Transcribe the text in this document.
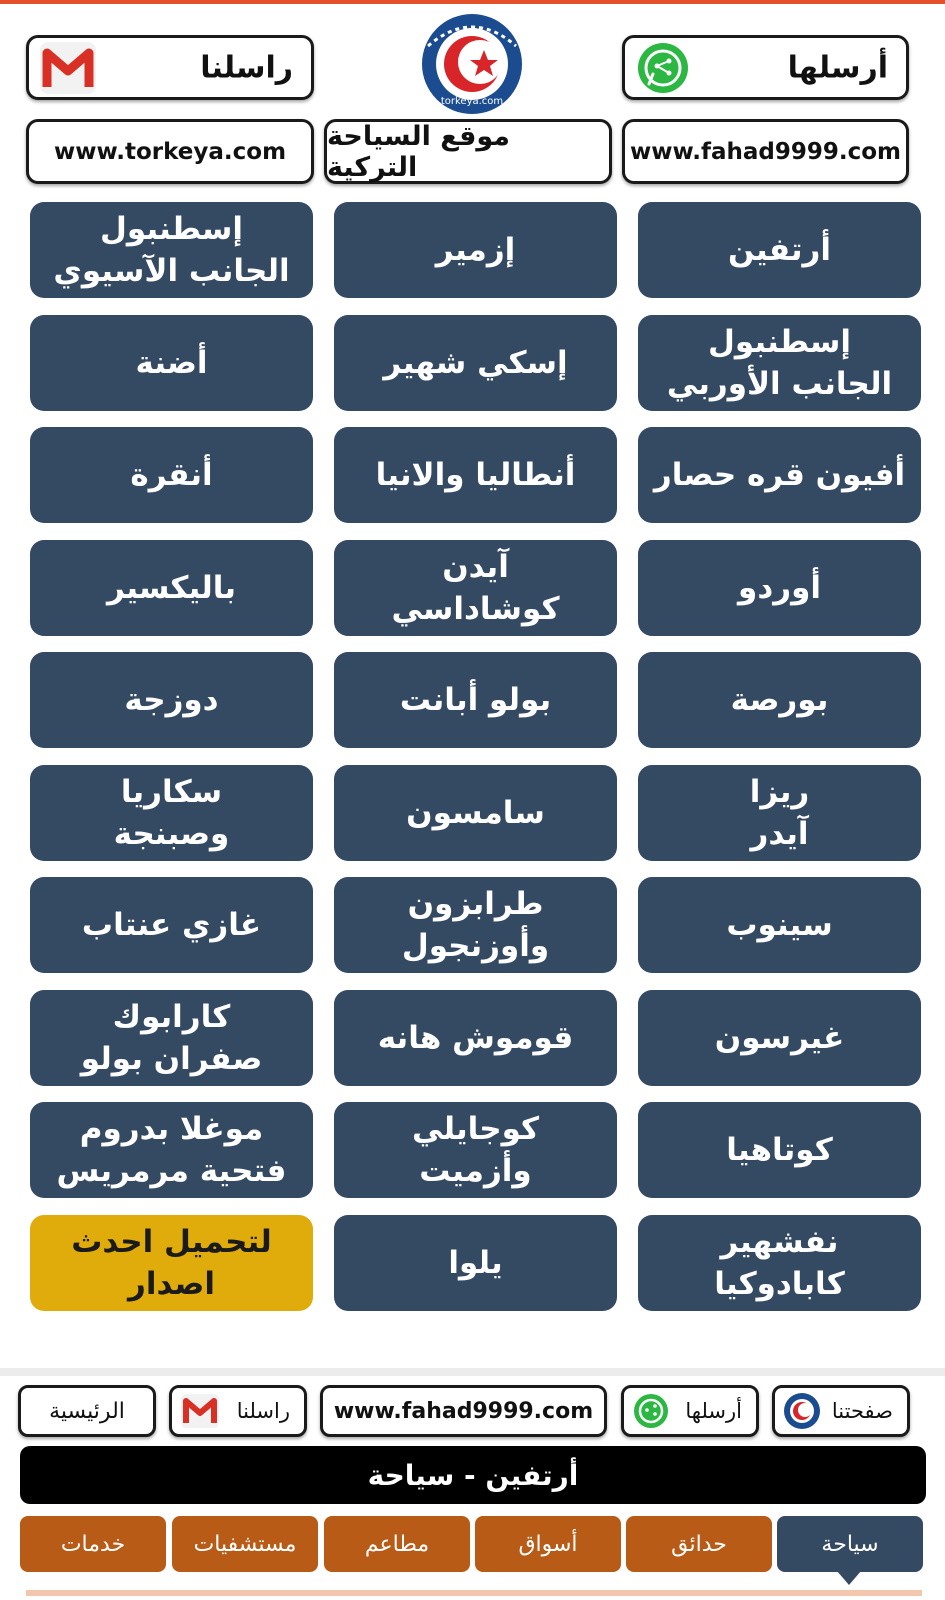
راسلنا
torkeya.com
أرسلها
www.torkeya.com موقع السياحة التركية	www.fahad9999.com
أرتفين
إزمير
إسطنبول
الجانب الآسيوي
إسطنبول
الجانب الأوربي
إسكي شهير
أضنة
أفيون قره حصار
أنطاليا والانيا
أنقرة
أوردو
آيدن
كوشاداسي
باليكسير
بورصة
بولو أبانت
دوزجة
ريزا
آيدر
سامسون
سكاريا
وصبنجة
سينوب
طرابزون
وأوزنجول
غازي عنتاب
غيرسون
قوموش هانه
كارابوك
صفران بولو
كوتاهيا
كوجايلي
وأزميت
موغلا بدروم
فتحية مرمريس
نفشهير
كابادوكيا
يلوا
لتحميل احدث
اصدار
صفحتنا
أرسلها
www.fahad9999.com
راسلنا
الرئيسية
أرتفين - سياحة
سياحة
حدائق
أسواق
مطاعم
مستشفيات
خدمات
